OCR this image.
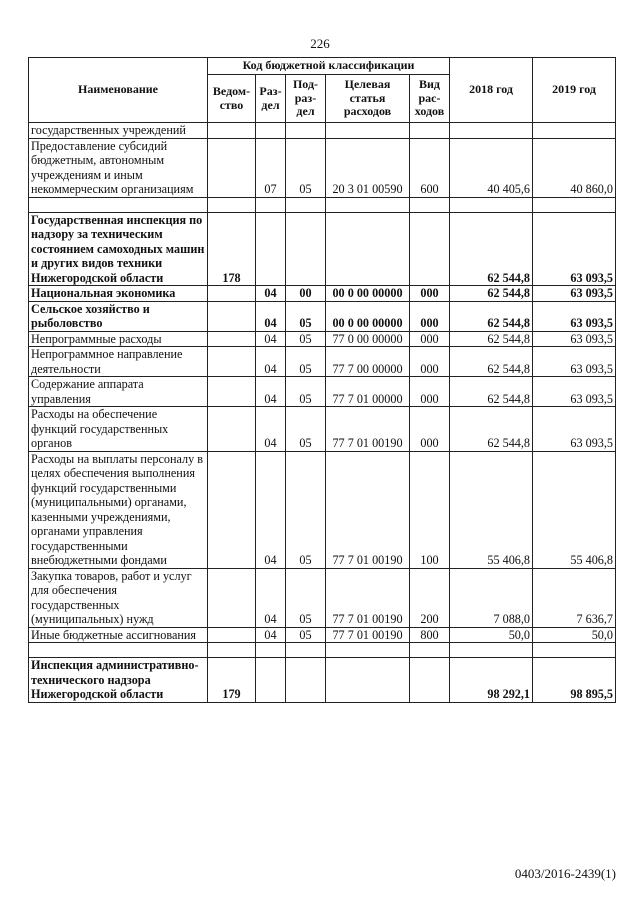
226
Наименование	Код бюджетной классификации					2018 год	2019 год
	Ведом-ство	Раз-дел	Под-раз-дел	Целевая статья расходов	Вид рас-ходов		
государственных учреждений							
Предоставление субсидий бюджетным, автономным учреждениям и иным некоммерческим организациям		07	05	20 3 01 00590	600	40 405,6	40 860,0

Государственная инспекция по надзору за техническим состоянием самоходных машин и других видов техники Нижегородской области	178					62 544,8	63 093,5
Национальная экономика		04	00	00 0 00 00000	000	62 544,8	63 093,5
Сельское хозяйство и рыболовство		04	05	00 0 00 00000	000	62 544,8	63 093,5
Непрограммные расходы		04	05	77 0 00 00000	000	62 544,8	63 093,5
Непрограммное направление деятельности		04	05	77 7 00 00000	000	62 544,8	63 093,5
Содержание аппарата управления		04	05	77 7 01 00000	000	62 544,8	63 093,5
Расходы на обеспечение функций государственных органов		04	05	77 7 01 00190	000	62 544,8	63 093,5
Расходы на выплаты персоналу в целях обеспечения выполнения функций государственными (муниципальными) органами, казенными учреждениями, органами управления государственными внебюджетными фондами		04	05	77 7 01 00190	100	55 406,8	55 406,8
Закупка товаров, работ и услуг для обеспечения государственных (муниципальных) нужд		04	05	77 7 01 00190	200	7 088,0	7 636,7
Иные бюджетные ассигнования		04	05	77 7 01 00190	800	50,0	50,0

Инспекция административно-технического надзора Нижегородской области	179					98 292,1	98 895,5
0403/2016-2439(1)
